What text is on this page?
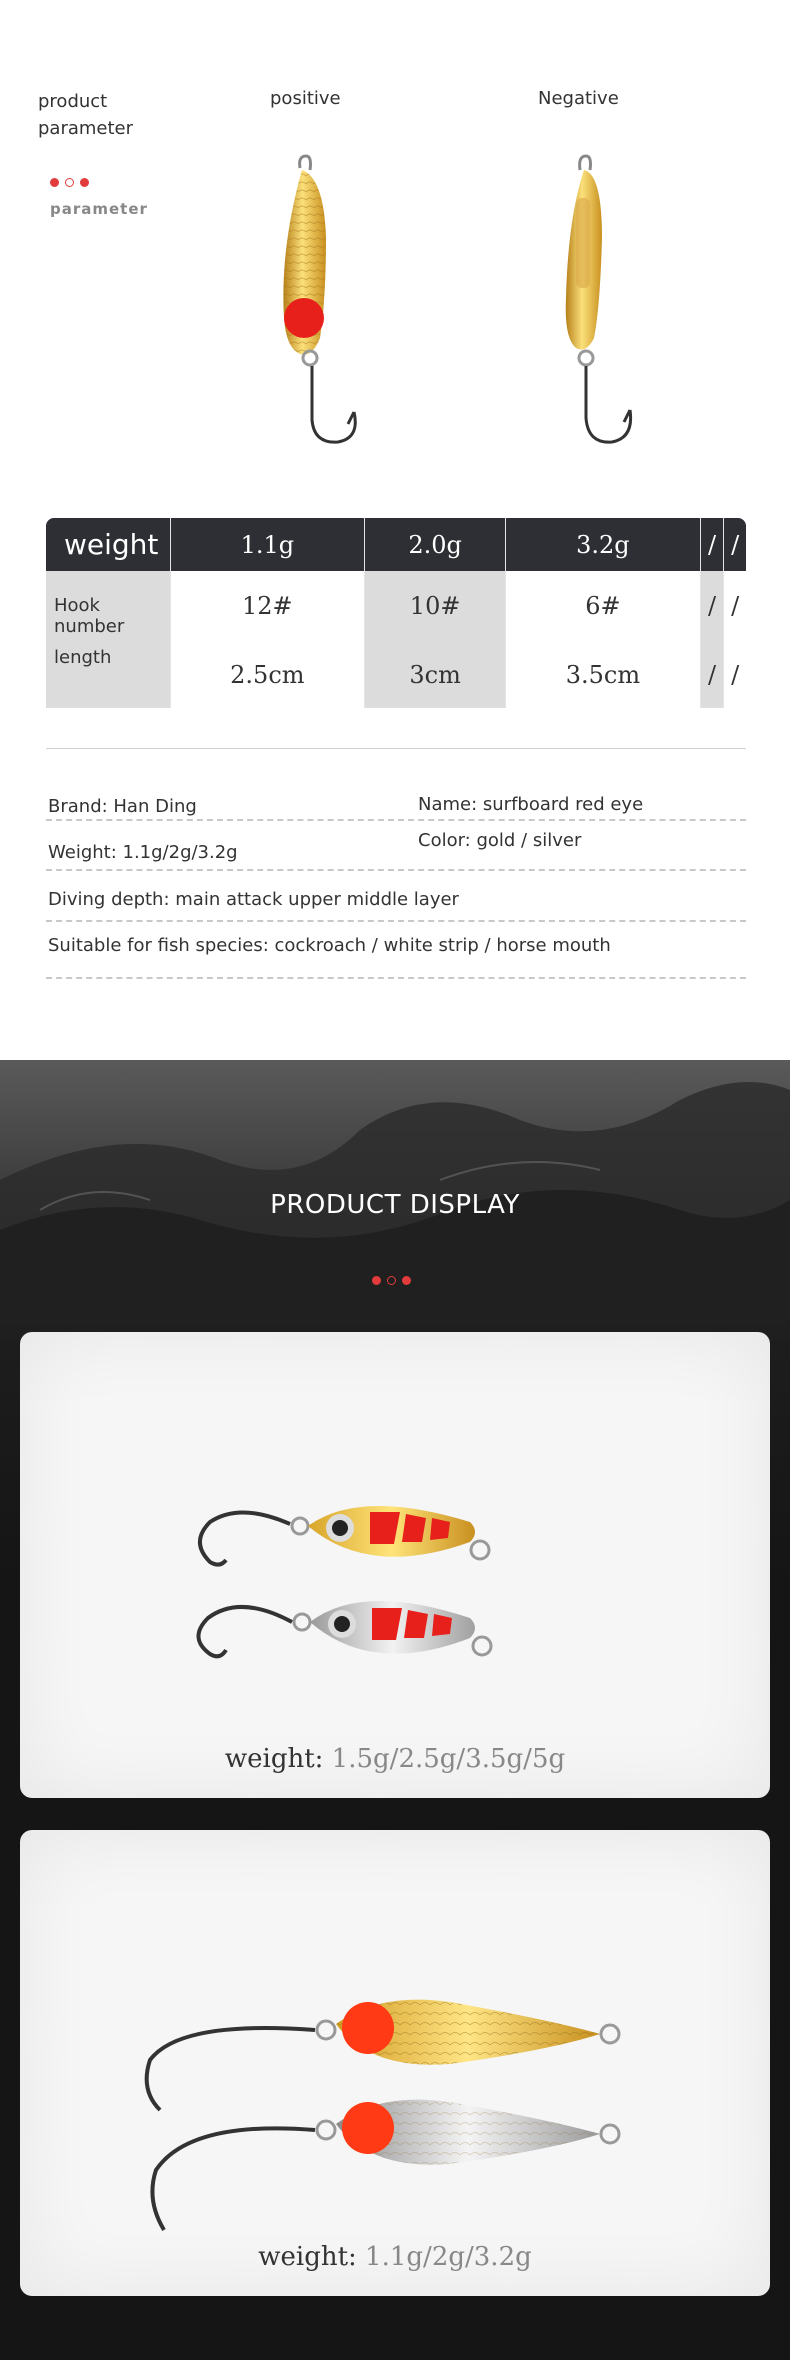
product
parameter
parameter
positive	Negative
weight	1.1g	2.0g	3.2g	/	/
Hook number	12#	10#	6#	/	/
length	2.5cm	3cm	3.5cm	/	/
Brand: Han Ding	Name: surfboard red eye
Color: gold / silver
Weight: 1.1g/2g/3.2g
Diving depth: main attack upper middle layer
Suitable for fish species: cockroach / white strip / horse mouth
PRODUCT DISPLAY
weight: 1.5g/2.5g/3.5g/5g
weight: 1.1g/2g/3.2g
